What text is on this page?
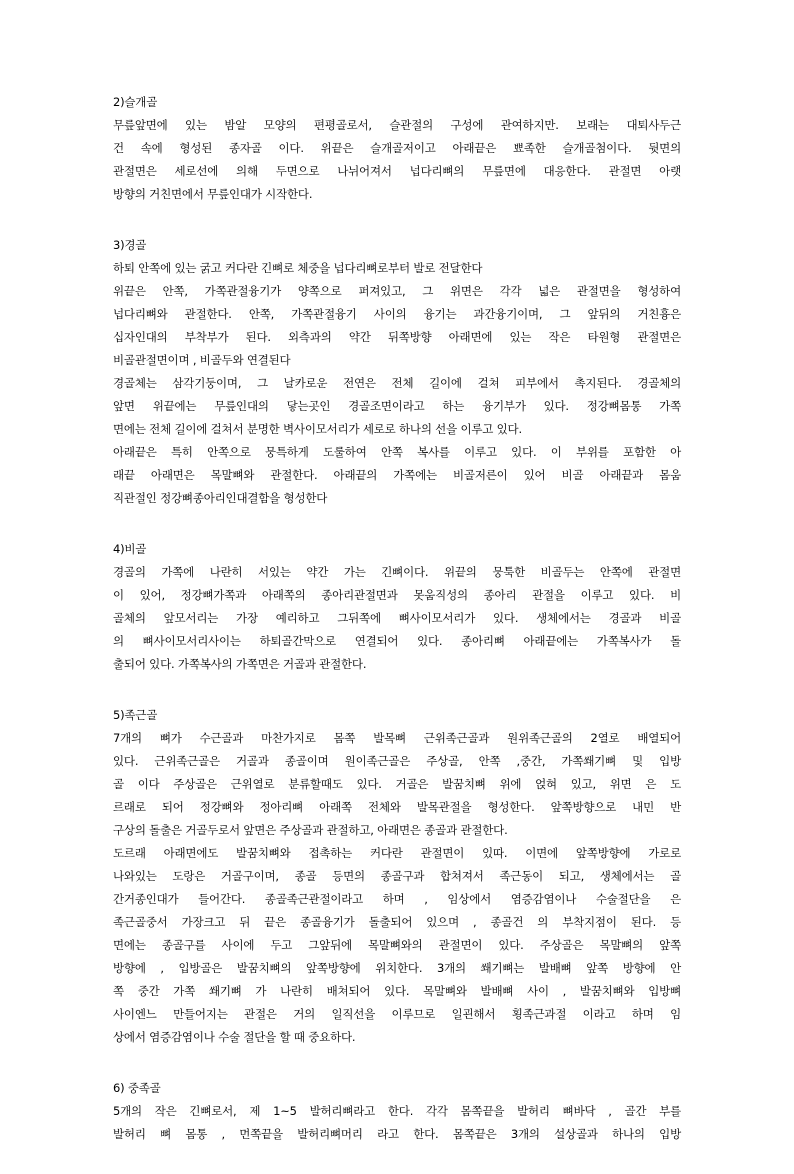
2)슬개골
무릎앞면에 있는 밤알 모양의 편평골로서, 슬관절의 구성에 관여하지만. 보래는 대퇴사두근
건 속에 형성된 종자골 이다. 위끝은 슬개골저이고 아래끝은 뾰족한 슬개골첨이다. 뒷면의
관절면은 세로선에 의해 두면으로 나뉘어져서 넙다리뼈의 무릎면에 대응한다. 관절면 아랫
방향의 거친면에서 무릎인대가 시작한다.
3)경골
하퇴 안쪽에 있는 굵고 커다란 긴뼈로 체중을 넙다리뼈로부터 발로 전달한다
위끝은 안쪽, 가쪽관절융기가 양쪽으로 퍼져있고, 그 위면은 각각 넓은 관절면을 형성하여
넙다리뼈와 관절한다. 안쪽, 가쪽관절융기 사이의 융기는 과간융기이며, 그 앞뒤의 거친흉은
십자인대의 부착부가 된다. 외측과의 약간 뒤쪽방향 아래면에 있는 작은 타원형 관절면은
비골관절면이며 , 비골두와 연결된다
경골체는 삼각기둥이며, 그 날카로운 전연은 전체 길이에 걸쳐 피부에서 촉지된다. 경골체의
앞면 위끝에는 무릎인대의 닿는곳인 경골조면이라고 하는 융기부가 있다. 정강뼈몸통 가쪽
면에는 전체 길이에 걸쳐서 분명한 벽사이모서리가 세로로 하나의 선을 이루고 있다.
아래끝은 특히 안쪽으로 뭉특하게 도룰하여 안쪽 복사를 이루고 있다. 이 부위를 포함한 아
래끝 아래면은 목말뼈와 관절한다. 아래끝의 가쪽에는 비골저른이 있어 비골 아래끝과 몸움
직관절인 정강뼈종아리인대결함을 형성한다
4)비골
경골의 가쪽에 나란히 서있는 약간 가는 긴뼈이다. 위끝의 뭉툭한 비골두는 안쪽에 관절면
이 있어, 정강뼈가쪽과 아래쪽의 종아리관절면과 못움직성의 종아리 관절을 이루고 있다. 비
골체의 앞모서리는 가장 예리하고 그뒤쪽에 뼈사이모서리가 있다. 생체에서는 경골과 비골
의 뼈사이모서리사이는 하퇴골간막으로 연결되어 있다. 종아리뼈 아래끝에는 가쪽복사가 돌
출되어 있다. 가쪽복사의 가쪽면은 거골과 관절한다.
5)족근골
7개의 뼈가 수근골과 마찬가지로 몸쪽 발목뼈 근위족근골과 원위족근골의 2열로 배열되어
있다. 근위족근골은 거골과 종골이며 원이족근골은 주상골, 안쪽 ,중간, 가쪽쐐기뼈 및 입방
골 이다 주상골은 근위열로 분류할때도 있다. 거골은 발꿈치뼈 위에 얹혀 있고, 위면 은 도
르래로 되어 정강뼈와 정아리뼈 아래쪽 전체와 발목관절을 형성한다. 앞쪽방향으로 내민 반
구상의 돌출은 거골두로서 앞면은 주상골과 관절하고, 아래면은 종골과 관절한다.
도르래 아래면에도 발꿈치뼈와 접촉하는 커다란 관절면이 있따. 이면에 앞쪽방향에 가로로
나와있는 도랑은 거골구이며, 종골 등면의 종골구과 합쳐져서 족근동이 되고, 생체에서는 골
간거종인대가 들어간다. 종골족근관절이라고 하며 , 임상에서 염증감염이나 수술절단을 은
족근골중서 가장크고 뒤 끝은 종골융기가 돌출되어 있으며 , 종골건 의 부착지점이 된다. 등
면에는 종골구를 사이에 두고 그앞뒤에 목말뼈와의 관절면이 있다. 주상골은 목말뼈의 앞쪽
방향에 , 입방골은 발꿈치뼈의 앞쪽방향에 위치한다. 3개의 쐐기뼈는 발배뼈 앞쪽 방향에 안
쪽 중간 가쪽 쐐기뼈 가 나란히 배쳐되어 있다. 목말뼈와 발배뼈 사이 , 발꿈치뼈와 입방뼈
사이엔느 만들어지는 관절은 거의 일직선을 이루므로 일괸해서 횡족근과절 이라고 하며 임
상에서 염증감염이나 수술 절단을 할 때 중요하다.
6) 중족골
5개의 작은 긴뼈로서, 제 1~5 발허리뼈라고 한다. 각각 몸쪽끝을 발허리 뼈바닥 , 골간 부를
발허리 뼈 몸통 , 먼쪽끝을 발허리뼈머리 라고 한다. 몸쪽끝은 3개의 설상골과 하나의 입방
